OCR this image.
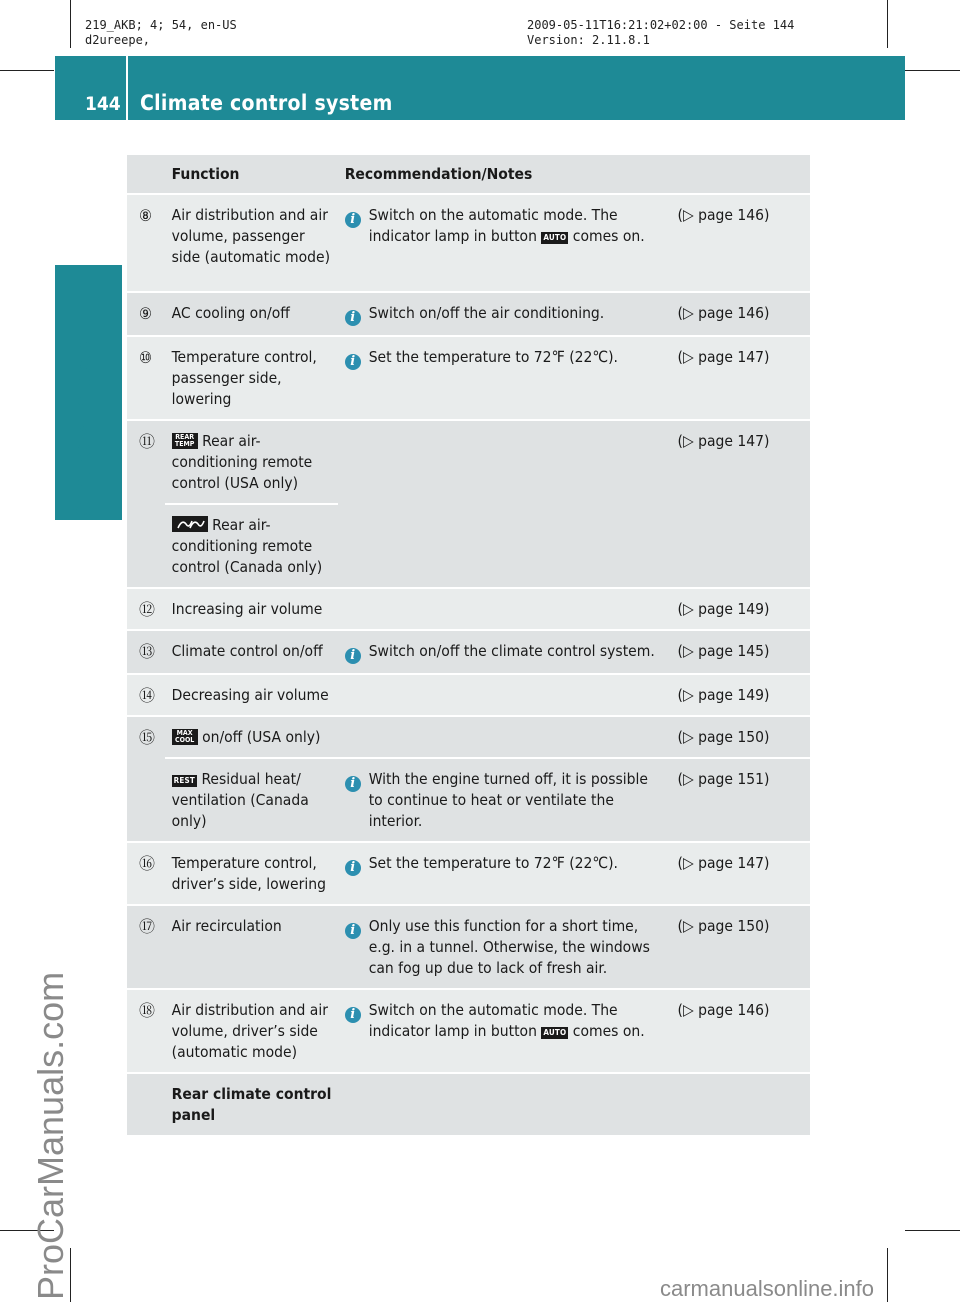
219_AKB; 4; 54, en-US
d2ureepe,
2009-05-11T16:21:02+02:00 - Seite 144
Version: 2.11.8.1
144 Climate control system
Controls in detail
ProCarManuals.com	carmanualsonline.info
	Function	Recommendation/Notes	
⑧	Air distribution and air volume, passenger side (automatic mode)	i Switch on the automatic mode. The indicator lamp in button AUTO comes on.	(▷ page 146)
⑨	AC cooling on/off	i Switch on/off the air conditioning.	(▷ page 146)
⑩	Temperature control, passenger side, lowering	i Set the temperature to 72℉ (22℃).	(▷ page 147)
⑪	REAR TEMP Rear air-conditioning remote control (USA only)		(▷ page 147)
	Rear air-conditioning remote control (Canada only)		
⑫	Increasing air volume		(▷ page 149)
⑬	Climate control on/off	i Switch on/off the climate control system.	(▷ page 145)
⑭	Decreasing air volume		(▷ page 149)
⑮	MAX COOL on/off (USA only)		(▷ page 150)
	REST Residual heat/ ventilation (Canada only)	i With the engine turned off, it is possible to continue to heat or ventilate the interior.	(▷ page 151)
⑯	Temperature control, driver’s side, lowering	i Set the temperature to 72℉ (22℃).	(▷ page 147)
⑰	Air recirculation	i Only use this function for a short time, e.g. in a tunnel. Otherwise, the windows can fog up due to lack of fresh air.	(▷ page 150)
⑱	Air distribution and air volume, driver’s side (automatic mode)	i Switch on the automatic mode. The indicator lamp in button AUTO comes on.	(▷ page 146)
	Rear climate control panel		
